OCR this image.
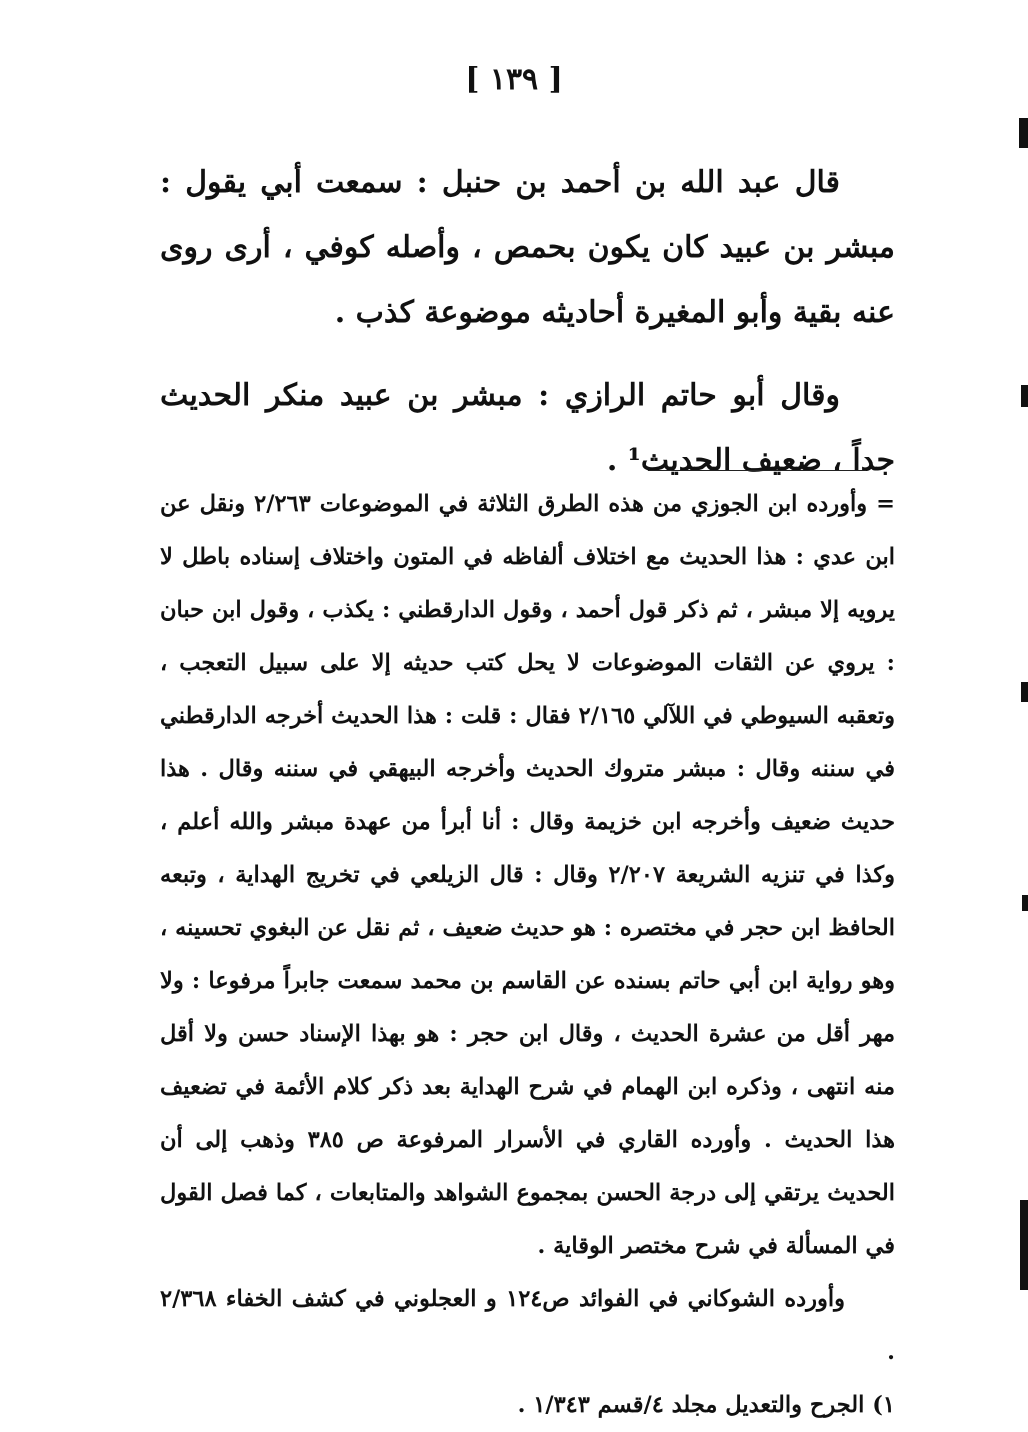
[ ١٣٩ ]

قال عبد الله بن أحمد بن حنبل : سمعت أبي يقول : مبشر بن عبيد كان يكون بحمص ، وأصله كوفي ، أرى روى عنه بقية وأبو المغيرة أحاديثه موضوعة كذب .

وقال أبو حاتم الرازي : مبشر بن عبيد منكر الحديث جداً ، ضعيف الحديث¹ .

= وأورده ابن الجوزي من هذه الطرق الثلاثة في الموضوعات ٢/٢٦٣ ونقل عن ابن عدي : هذا الحديث مع اختلاف ألفاظه في المتون واختلاف إسناده باطل لا يرويه إلا مبشر ، ثم ذكر قول أحمد ، وقول الدارقطني : يكذب ، وقول ابن حبان : يروي عن الثقات الموضوعات لا يحل كتب حديثه إلا على سبيل التعجب ، وتعقبه السيوطي في اللآلي ٢/١٦٥ فقال : قلت : هذا الحديث أخرجه الدارقطني في سننه وقال : مبشر متروك الحديث وأخرجه البيهقي في سننه وقال . هذا حديث ضعيف وأخرجه ابن خزيمة وقال : أنا أبرأ من عهدة مبشر والله أعلم ، وكذا في تنزيه الشريعة ٢/٢٠٧ وقال : قال الزيلعي في تخريج الهداية ، وتبعه الحافظ ابن حجر في مختصره : هو حديث ضعيف ، ثم نقل عن البغوي تحسينه ، وهو رواية ابن أبي حاتم بسنده عن القاسم بن محمد سمعت جابراً مرفوعا : ولا مهر أقل من عشرة الحديث ، وقال ابن حجر : هو بهذا الإسناد حسن ولا أقل منه انتهى ، وذكره ابن الهمام في شرح الهداية بعد ذكر كلام الأئمة في تضعيف هذا الحديث . وأورده القاري في الأسرار المرفوعة ص ٣٨٥ وذهب إلى أن الحديث يرتقي إلى درجة الحسن بمجموع الشواهد والمتابعات ، كما فصل القول في المسألة في شرح مختصر الوقاية .

وأورده الشوكاني في الفوائد ص١٢٤ و العجلوني في كشف الخفاء ٢/٣٦٨ .

١) الجرح والتعديل مجلد ٤/قسم ١/٣٤٣ .
